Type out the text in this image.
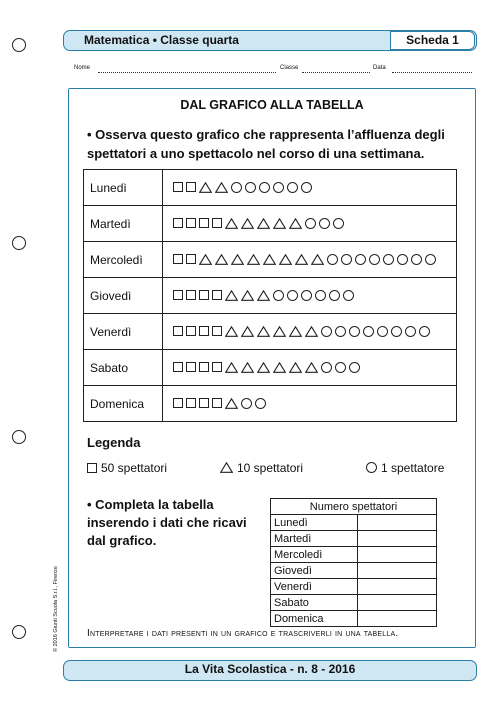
Matematica • Classe quarta	Scheda 1
Nome	Classe	Data
DAL GRAFICO ALLA TABELLA
• Osserva questo grafico che rappresenta l’affluenza degli spettatori a uno spettacolo nel corso di una settimana.
Lunedì	
Martedì	
Mercoledì	
Giovedì	
Venerdì	
Sabato	
Domenica	
Legenda
50 spettatori	10 spettatori	1 spettatore
• Completa la tabella inserendo i dati che ricavi dal grafico.
Numero spettatori	
Lunedì	
Martedì	
Mercoledì	
Giovedì	
Venerdì	
Sabato	
Domenica	
Interpretare i dati presenti in un grafico e trascriverli in una tabella.
© 2016 Giunti Scuola S.r.l., Firenze
La Vita Scolastica - n. 8 - 2016
